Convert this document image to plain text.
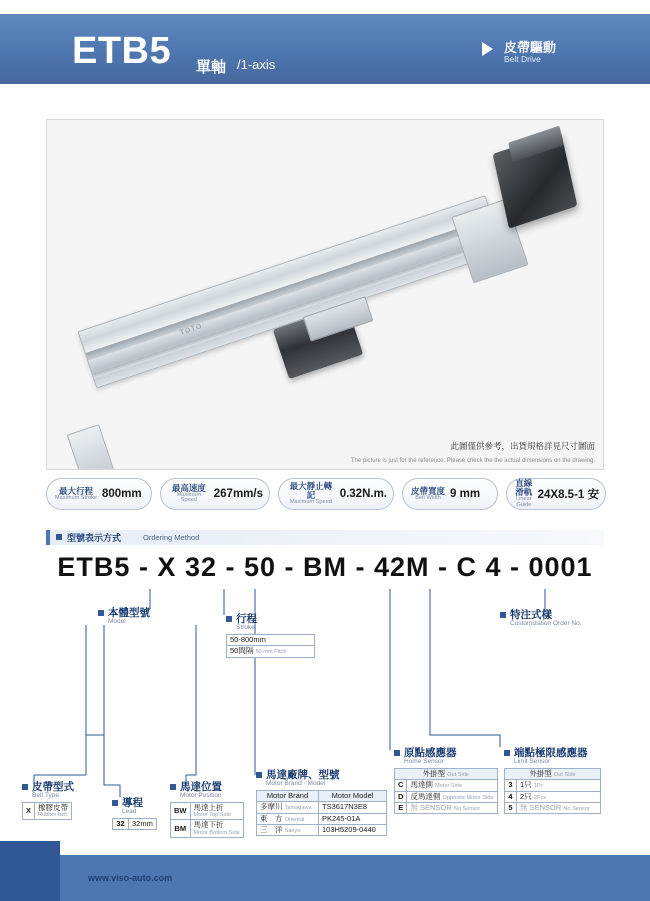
ETB5 單軸 /1-axis
皮帶驅動
Belt Drive
TOTO
此圖僅供參考，出貨規格詳見尺寸圖面
The picture is just for the reference. Please check the the actual dimensions on the drawing.
最大行程
Maximum Stroke 800mm
最高速度
Maximum Speed
267mm/s
最大靜止轉記
Maximum Speed
0.32N.m.	皮帶寬度
Belt Width 9 mm
直線滑軌
Linear Guide
24X8.5-1 安
型號表示方式	Ordering Method
ETB5 - X 32 - 50 - BM - 42M - C 4 - 0001
本體型號
Model	行程
Stroke
50-800mm
50間隔 50 mm Pitch
特注式樣
Customization Order No.
皮帶型式
Belt Type
X	橡膠皮帶
Rubber belt
導程
Lead
32	32mm
馬達位置
Motor Position
BW	馬達上折
Motor Top Side

BM	馬達下折
Motor Bottom Side
馬達廠牌、型號
Motor Brand · Model
Motor Brand	Motor Model
多摩川 Tamagawa	TS3617N3E8
東　方 Oriental	PK245-01A
三　洋 Sanyo	103H5209-0440
原點感應器
Home Sensor
外掛型 Out Side	
C	馬達側 Motor Side
D	反馬達側 Opposite Motor Side
E	無 SENSOR No Sensor
端點極限感應器
Limit Sensor
外掛型 Out Side	
3	1只 1Pc
4	2只 2Pcs
5	無 SENSOR No Sensor
www.viso-auto.com
